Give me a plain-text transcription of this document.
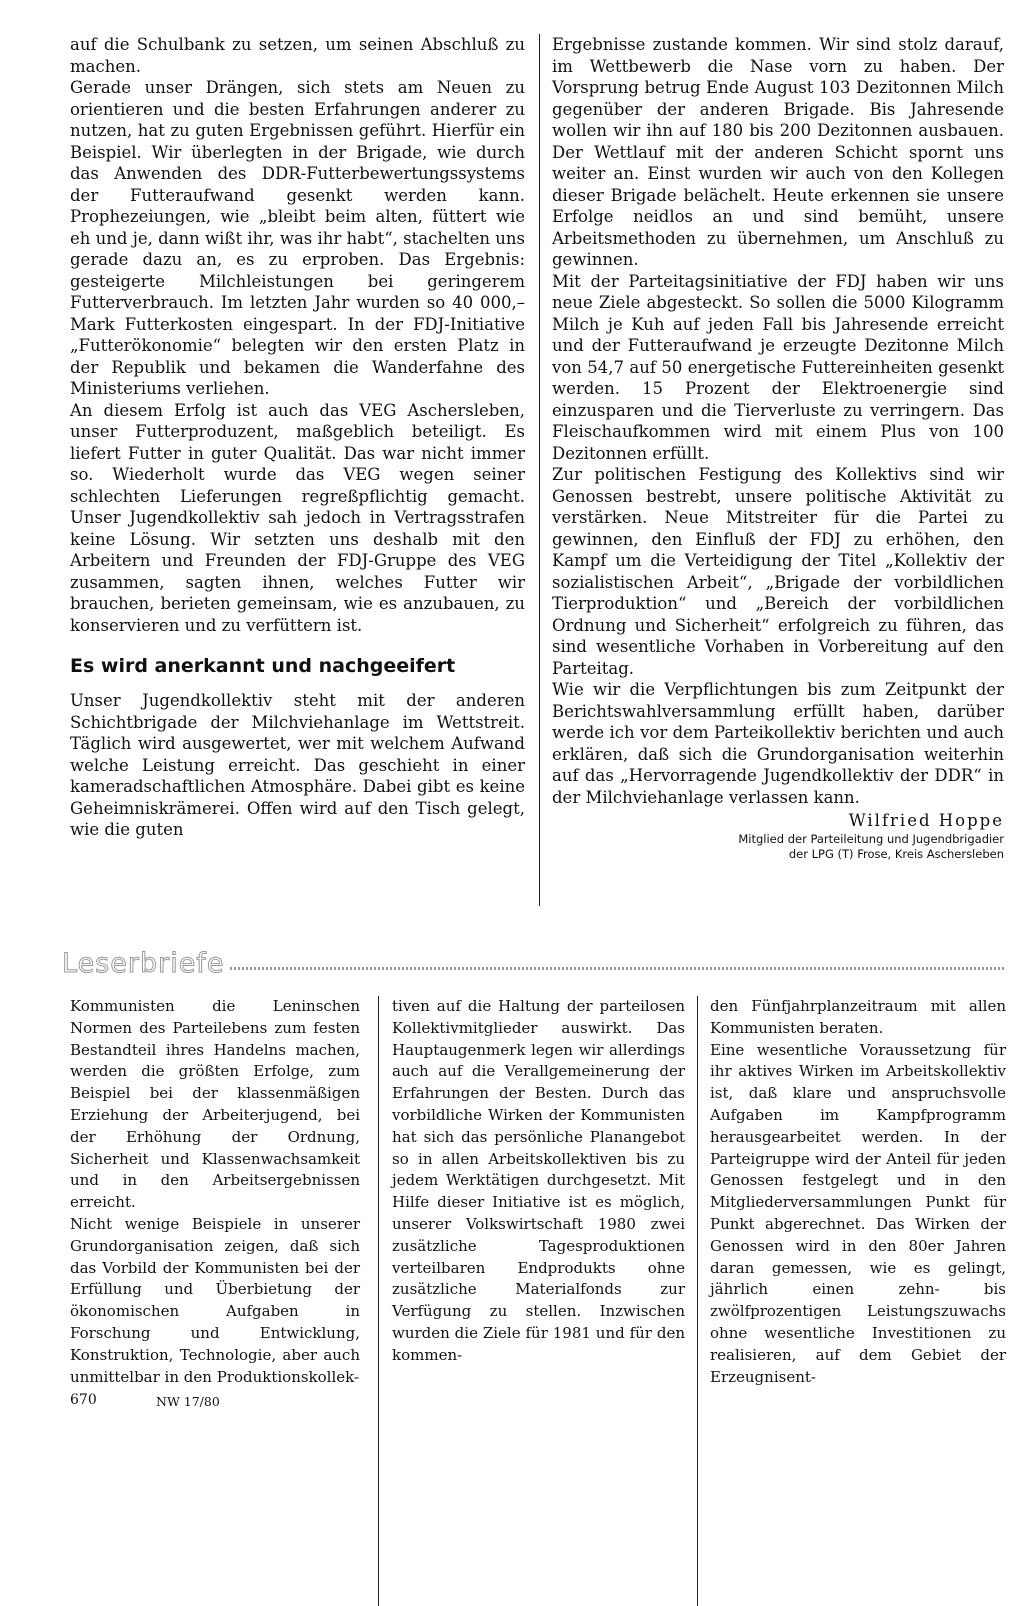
auf die Schulbank zu setzen, um seinen Abschluß zu machen.

Gerade unser Drängen, sich stets am Neuen zu orientieren und die besten Erfahrungen anderer zu nutzen, hat zu guten Ergebnissen geführt. Hierfür ein Beispiel. Wir überlegten in der Brigade, wie durch das Anwenden des DDR-Futterbewertungssystems der Futteraufwand gesenkt werden kann. Prophezeiungen, wie „bleibt beim alten, füttert wie eh und je, dann wißt ihr, was ihr habt“, stachelten uns gerade dazu an, es zu erproben. Das Ergebnis: gesteigerte Milchleistungen bei geringerem Futterverbrauch. Im letzten Jahr wurden so 40 000,– Mark Futterkosten eingespart. In der FDJ-Initiative „Futterökonomie“ belegten wir den ersten Platz in der Republik und bekamen die Wanderfahne des Ministeriums verliehen.

An diesem Erfolg ist auch das VEG Aschersleben, unser Futterproduzent, maßgeblich beteiligt. Es liefert Futter in guter Qualität. Das war nicht immer so. Wiederholt wurde das VEG wegen seiner schlechten Lieferungen regreßpflichtig gemacht. Unser Jugendkollektiv sah jedoch in Vertragsstrafen keine Lösung. Wir setzten uns deshalb mit den Arbeitern und Freunden der FDJ-Gruppe des VEG zusammen, sagten ihnen, welches Futter wir brauchen, berieten gemeinsam, wie es anzubauen, zu konservieren und zu verfüttern ist.

Es wird anerkannt und nachgeeifert

Unser Jugendkollektiv steht mit der anderen Schichtbrigade der Milchviehanlage im Wettstreit. Täglich wird ausgewertet, wer mit welchem Aufwand welche Leistung erreicht. Das geschieht in einer kameradschaftlichen Atmosphäre. Dabei gibt es keine Geheimniskrämerei. Offen wird auf den Tisch gelegt, wie die guten

Ergebnisse zustande kommen. Wir sind stolz darauf, im Wettbewerb die Nase vorn zu haben. Der Vorsprung betrug Ende August 103 Dezitonnen Milch gegenüber der anderen Brigade. Bis Jahresende wollen wir ihn auf 180 bis 200 Dezitonnen ausbauen. Der Wettlauf mit der anderen Schicht spornt uns weiter an. Einst wurden wir auch von den Kollegen dieser Brigade belächelt. Heute erkennen sie unsere Erfolge neidlos an und sind bemüht, unsere Arbeitsmethoden zu übernehmen, um Anschluß zu gewinnen.

Mit der Parteitagsinitiative der FDJ haben wir uns neue Ziele abgesteckt. So sollen die 5000 Kilogramm Milch je Kuh auf jeden Fall bis Jahresende erreicht und der Futteraufwand je erzeugte Dezitonne Milch von 54,7 auf 50 energetische Futtereinheiten gesenkt werden. 15 Prozent der Elektroenergie sind einzusparen und die Tierverluste zu verringern. Das Fleischaufkommen wird mit einem Plus von 100 Dezitonnen erfüllt.

Zur politischen Festigung des Kollektivs sind wir Genossen bestrebt, unsere politische Aktivität zu verstärken. Neue Mitstreiter für die Partei zu gewinnen, den Einfluß der FDJ zu erhöhen, den Kampf um die Verteidigung der Titel „Kollektiv der sozialistischen Arbeit“, „Brigade der vorbildlichen Tierproduktion“ und „Bereich der vorbildlichen Ordnung und Sicherheit“ erfolgreich zu führen, das sind wesentliche Vorhaben in Vorbereitung auf den Parteitag.

Wie wir die Verpflichtungen bis zum Zeitpunkt der Berichtswahlversammlung erfüllt haben, darüber werde ich vor dem Parteikollektiv berichten und auch erklären, daß sich die Grundorganisation weiterhin auf das „Hervorragende Jugendkollektiv der DDR“ in der Milchviehanlage verlassen kann.

Wilfried Hoppe
Mitglied der Parteileitung und Jugendbrigadier
der LPG (T) Frose, Kreis Aschersleben
Leserbriefe

Kommunisten die Leninschen Normen des Parteilebens zum festen Bestandteil ihres Handelns machen, werden die größten Erfolge, zum Beispiel bei der klassenmäßigen Erziehung der Arbeiterjugend, bei der Erhöhung der Ordnung, Sicherheit und Klassenwachsamkeit und in den Arbeitsergebnissen erreicht.

Nicht wenige Beispiele in unserer Grundorganisation zeigen, daß sich das Vorbild der Kommunisten bei der Erfüllung und Überbietung der ökonomischen Aufgaben in Forschung und Entwicklung, Konstruktion, Technologie, aber auch unmittelbar in den Produktionskollek-

tiven auf die Haltung der parteilosen Kollektivmitglieder auswirkt. Das Hauptaugenmerk legen wir allerdings auch auf die Verallgemeinerung der Erfahrungen der Besten. Durch das vorbildliche Wirken der Kommunisten hat sich das persönliche Planangebot so in allen Arbeitskollektiven bis zu jedem Werktätigen durchgesetzt. Mit Hilfe dieser Initiative ist es möglich, unserer Volkswirtschaft 1980 zwei zusätzliche Tagesproduktionen verteilbaren Endprodukts ohne zusätzliche Materialfonds zur Verfügung zu stellen. Inzwischen wurden die Ziele für 1981 und für den kommen-

den Fünfjahrplanzeitraum mit allen Kommunisten beraten.

Eine wesentliche Voraussetzung für ihr aktives Wirken im Arbeitskollektiv ist, daß klare und anspruchsvolle Aufgaben im Kampfprogramm herausgearbeitet werden. In der Parteigruppe wird der Anteil für jeden Genossen festgelegt und in den Mitgliederversammlungen Punkt für Punkt abgerechnet. Das Wirken der Genossen wird in den 80er Jahren daran gemessen, wie es gelingt, jährlich einen zehn- bis zwölfprozentigen Leistungszuwachs ohne wesentliche Investitionen zu realisieren, auf dem Gebiet der Erzeugnisent-

670	NW 17/80
